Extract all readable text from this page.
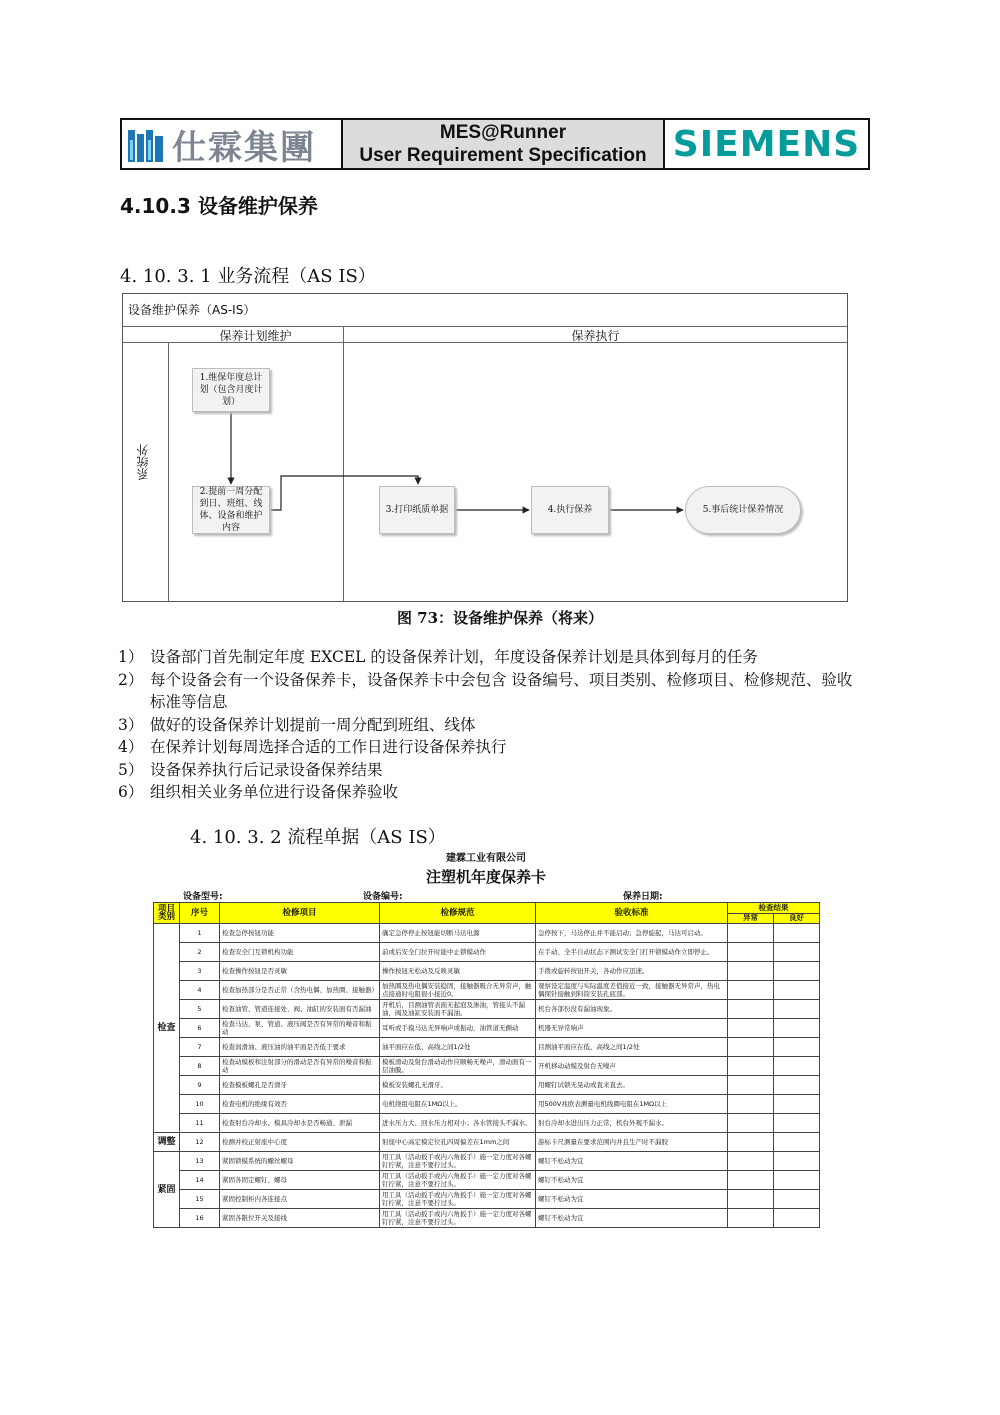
仕霖集團	MES@Runner
User Requirement Specification SIEMENS
4.10.3 设备维护保养
4. 10. 3. 1 业务流程（AS IS）
设备维护保养（AS-IS）
保养计划维护	保养执行
系统外
1.维保年度总计划（包含月度计划）
2.提前一周分配到日、班组、线体、设备和维护内容
3.打印纸质单据	4.执行保养	5.事后统计保养情况
图 73：设备维护保养（将来）
1） 设备部门首先制定年度 EXCEL 的设备保养计划，年度设备保养计划是具体到每月的任务
2） 每个设备会有一个设备保养卡，设备保养卡中会包含 设备编号、项目类别、检修项目、检修规范、验收标准等信息
3） 做好的设备保养计划提前一周分配到班组、线体
4） 在保养计划每周选择合适的工作日进行设备保养执行
5） 设备保养执行后记录设备保养结果
6） 组织相关业务单位进行设备保养验收
4. 10. 3. 2 流程单据（AS IS）
建霖工业有限公司
注塑机年度保养卡
设备型号:	设备编号:	保养日期:
项目类别	序号	检修项目	检修规范	验收标准	检查结果	
					异常	良好
检查	1	检查急停按钮功能	确定急停停止按钮能切断马达电源	急停按下，马达停止并不能启动；急停旋起，马达可启动。		
	2	检查安全门互锁机构功能	前或后安全门拉开时能中止锁模动作	在手动、全半自动状态下测试安全门打开锁模动作立即停止。		
	3	检查操作按钮是否灵敏	操作按钮无松动及反映灵敏	手拨或旋转按钮开关，各动作应迅速。		
	4	检查加热部分是否正常（含热电偶、加热圈、接触器）	加热圈及热电偶安装稳固，接触器吸合无异常声，触点接通时电阻很小接近0。	观察设定温度与实际温度差值接近一致，接触器无异常声，热电偶探针接触到料筒安装孔底部。		
	5	检查油管、管道连接处、阀、油缸的安装面有否漏油	开机后，目测油管表面无起泡及渗油，管接头不漏油，阀及油缸安装面不漏油。	机台各部份没有漏油现象。		
	6	检查马达、泵、管道、液压阀是否有异常的噪音和振动	耳听或手摸马达无异响声或振动，油管道无颤动	机器无异常响声		
	7	检查润滑油、液压油的油平面是否低于要求	油平面应在低、高线之间1/2处	目测油平面应在低、高线之间1/2处		
	8	检查动模板和注射部分的滑动是否有异常的噪音和振动	模板滑动及射台滑动动作应顺畅无噪声，滑动面有一层油膜。	开机移动动模及射台无噪声		
	9	检查模板螺孔是否滑牙	模板安装螺孔无滑牙。	用螺钉试锁无晃动或直来直去。		
	10	检查电机的绝缘有效否	电机绕组电阻在1MΩ以上。	用500V兆欧表测量电机线圈电阻在1MΩ以上		
	11	检查射台冷却水、模具冷却水是否畅通、泄漏	进水压力大、回水压力相对小；各水管接头不漏水。	射台冷却水进出压力正常，机台外观不漏水。		
调整	12	检测并校正射座中心度	射座中心高定模定位孔四周偏差在1mm之间	游标卡尺测量在要求范围内并且生产时不漏胶		
紧固	13	紧固锁模系统的螺丝螺母	用工具（活动扳手或内六角扳手）施一定力度对各螺钉拧紧，注意不要拧过头。	螺钉不松动为宜		
	14	紧固各固定螺钉、螺母	用工具（活动扳手或内六角扳手）施一定力度对各螺钉拧紧，注意不要拧过头。	螺钉不松动为宜		
	15	紧固控制柜内各连接点	用工具（活动扳手或内六角扳手）施一定力度对各螺钉拧紧，注意不要拧过头。	螺钉不松动为宜		
	16	紧固各限位开关及接线	用工具（活动扳手或内六角扳手）施一定力度对各螺钉拧紧，注意不要拧过头。	螺钉不松动为宜		
